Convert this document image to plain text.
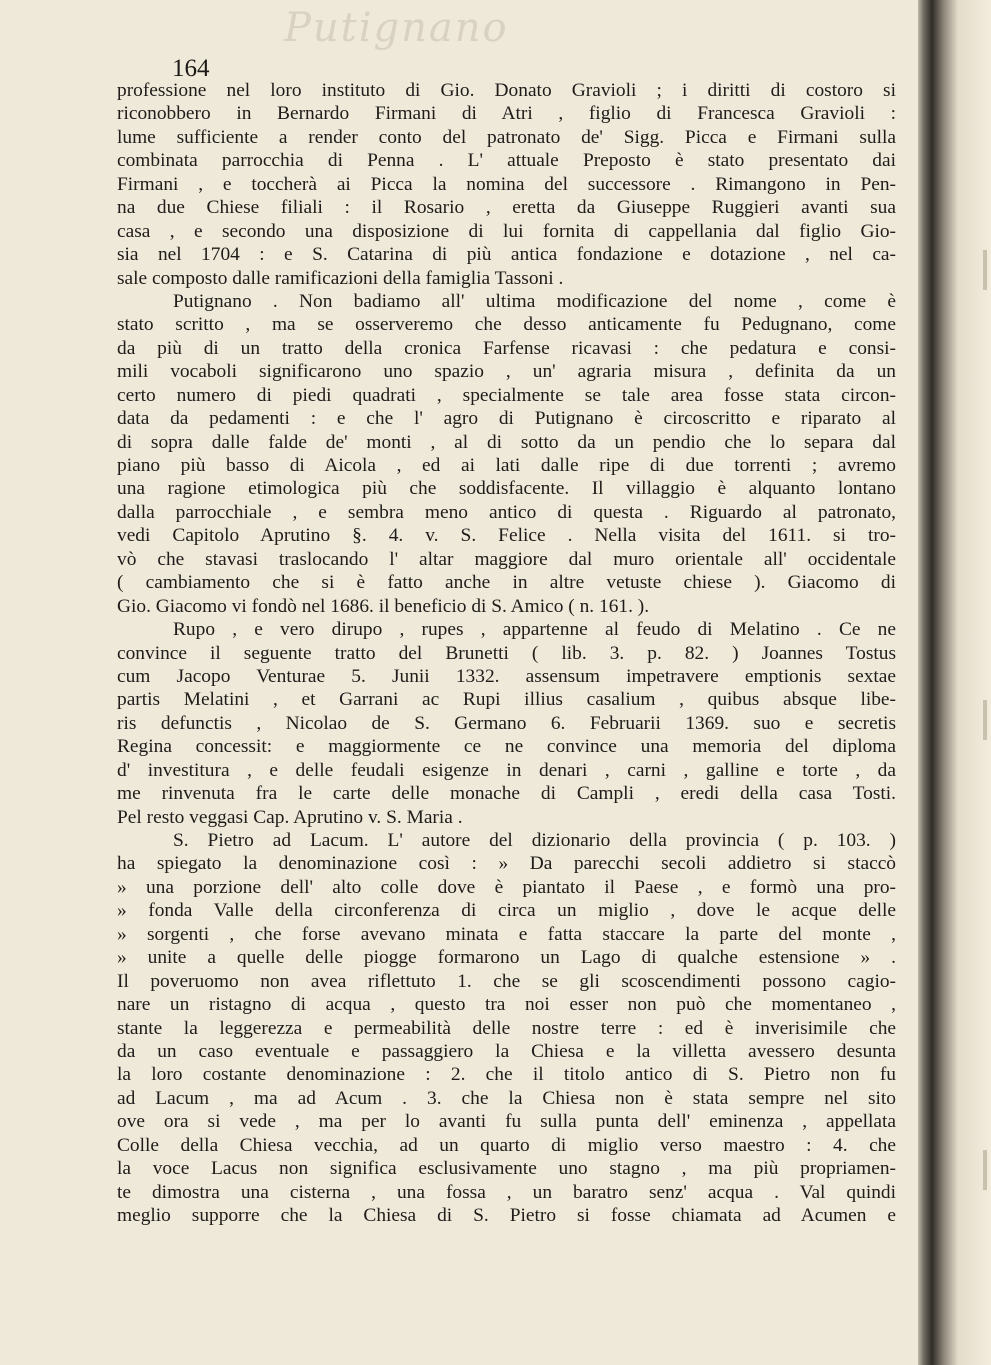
Putignano
164
professione nel loro instituto di Gio. Donato Gravioli ; i diritti di costoro si
riconobbero in Bernardo Firmani di Atri , figlio di Francesca Gravioli :
lume sufficiente a render conto del patronato de' Sigg. Picca e Firmani sulla
combinata parrocchia di Penna . L' attuale Preposto è stato presentato dai
Firmani , e toccherà ai Picca la nomina del successore . Rimangono in Pen-
na due Chiese filiali : il Rosario , eretta da Giuseppe Ruggieri avanti sua
casa , e secondo una disposizione di lui fornita di cappellania dal figlio Gio-
sia nel 1704 : e S. Catarina di più antica fondazione e dotazione , nel ca-
sale composto dalle ramificazioni della famiglia Tassoni .
Putignano . Non badiamo all' ultima modificazione del nome , come è
stato scritto , ma se osserveremo che desso anticamente fu Pedugnano, come
da più di un tratto della cronica Farfense ricavasi : che pedatura e consi-
mili vocaboli significarono uno spazio , un' agraria misura , definita da un
certo numero di piedi quadrati , specialmente se tale area fosse stata circon-
data da pedamenti : e che l' agro di Putignano è circoscritto e riparato al
di sopra dalle falde de' monti , al di sotto da un pendio che lo separa dal
piano più basso di Aicola , ed ai lati dalle ripe di due torrenti ; avremo
una ragione etimologica più che soddisfacente. Il villaggio è alquanto lontano
dalla parrocchiale , e sembra meno antico di questa . Riguardo al patronato,
vedi Capitolo Aprutino §. 4. v. S. Felice . Nella visita del 1611. si tro-
vò che stavasi traslocando l' altar maggiore dal muro orientale all' occidentale
( cambiamento che si è fatto anche in altre vetuste chiese ). Giacomo di
Gio. Giacomo vi fondò nel 1686. il beneficio di S. Amico ( n. 161. ).
Rupo , e vero dirupo , rupes , appartenne al feudo di Melatino . Ce ne
convince il seguente tratto del Brunetti ( lib. 3. p. 82. ) Joannes Tostus
cum Jacopo Venturae 5. Junii 1332. assensum impetravere emptionis sextae
partis Melatini , et Garrani ac Rupi illius casalium , quibus absque libe-
ris defunctis , Nicolao de S. Germano 6. Februarii 1369. suo e secretis
Regina concessit: e maggiormente ce ne convince una memoria del diploma
d' investitura , e delle feudali esigenze in denari , carni , galline e torte , da
me rinvenuta fra le carte delle monache di Campli , eredi della casa Tosti.
Pel resto veggasi Cap. Aprutino v. S. Maria .
S. Pietro ad Lacum. L' autore del dizionario della provincia ( p. 103. )
ha spiegato la denominazione così : » Da parecchi secoli addietro si staccò
» una porzione dell' alto colle dove è piantato il Paese , e formò una pro-
» fonda Valle della circonferenza di circa un miglio , dove le acque delle
» sorgenti , che forse avevano minata e fatta staccare la parte del monte ,
» unite a quelle delle piogge formarono un Lago di qualche estensione » .
Il poveruomo non avea riflettuto 1. che se gli scoscendimenti possono cagio-
nare un ristagno di acqua , questo tra noi esser non può che momentaneo ,
stante la leggerezza e permeabilità delle nostre terre : ed è inverisimile che
da un caso eventuale e passaggiero la Chiesa e la villetta avessero desunta
la loro costante denominazione : 2. che il titolo antico di S. Pietro non fu
ad Lacum , ma ad Acum . 3. che la Chiesa non è stata sempre nel sito
ove ora si vede , ma per lo avanti fu sulla punta dell' eminenza , appellata
Colle della Chiesa vecchia, ad un quarto di miglio verso maestro : 4. che
la voce Lacus non significa esclusivamente uno stagno , ma più propriamen-
te dimostra una cisterna , una fossa , un baratro senz' acqua . Val quindi
meglio supporre che la Chiesa di S. Pietro si fosse chiamata ad Acumen e
